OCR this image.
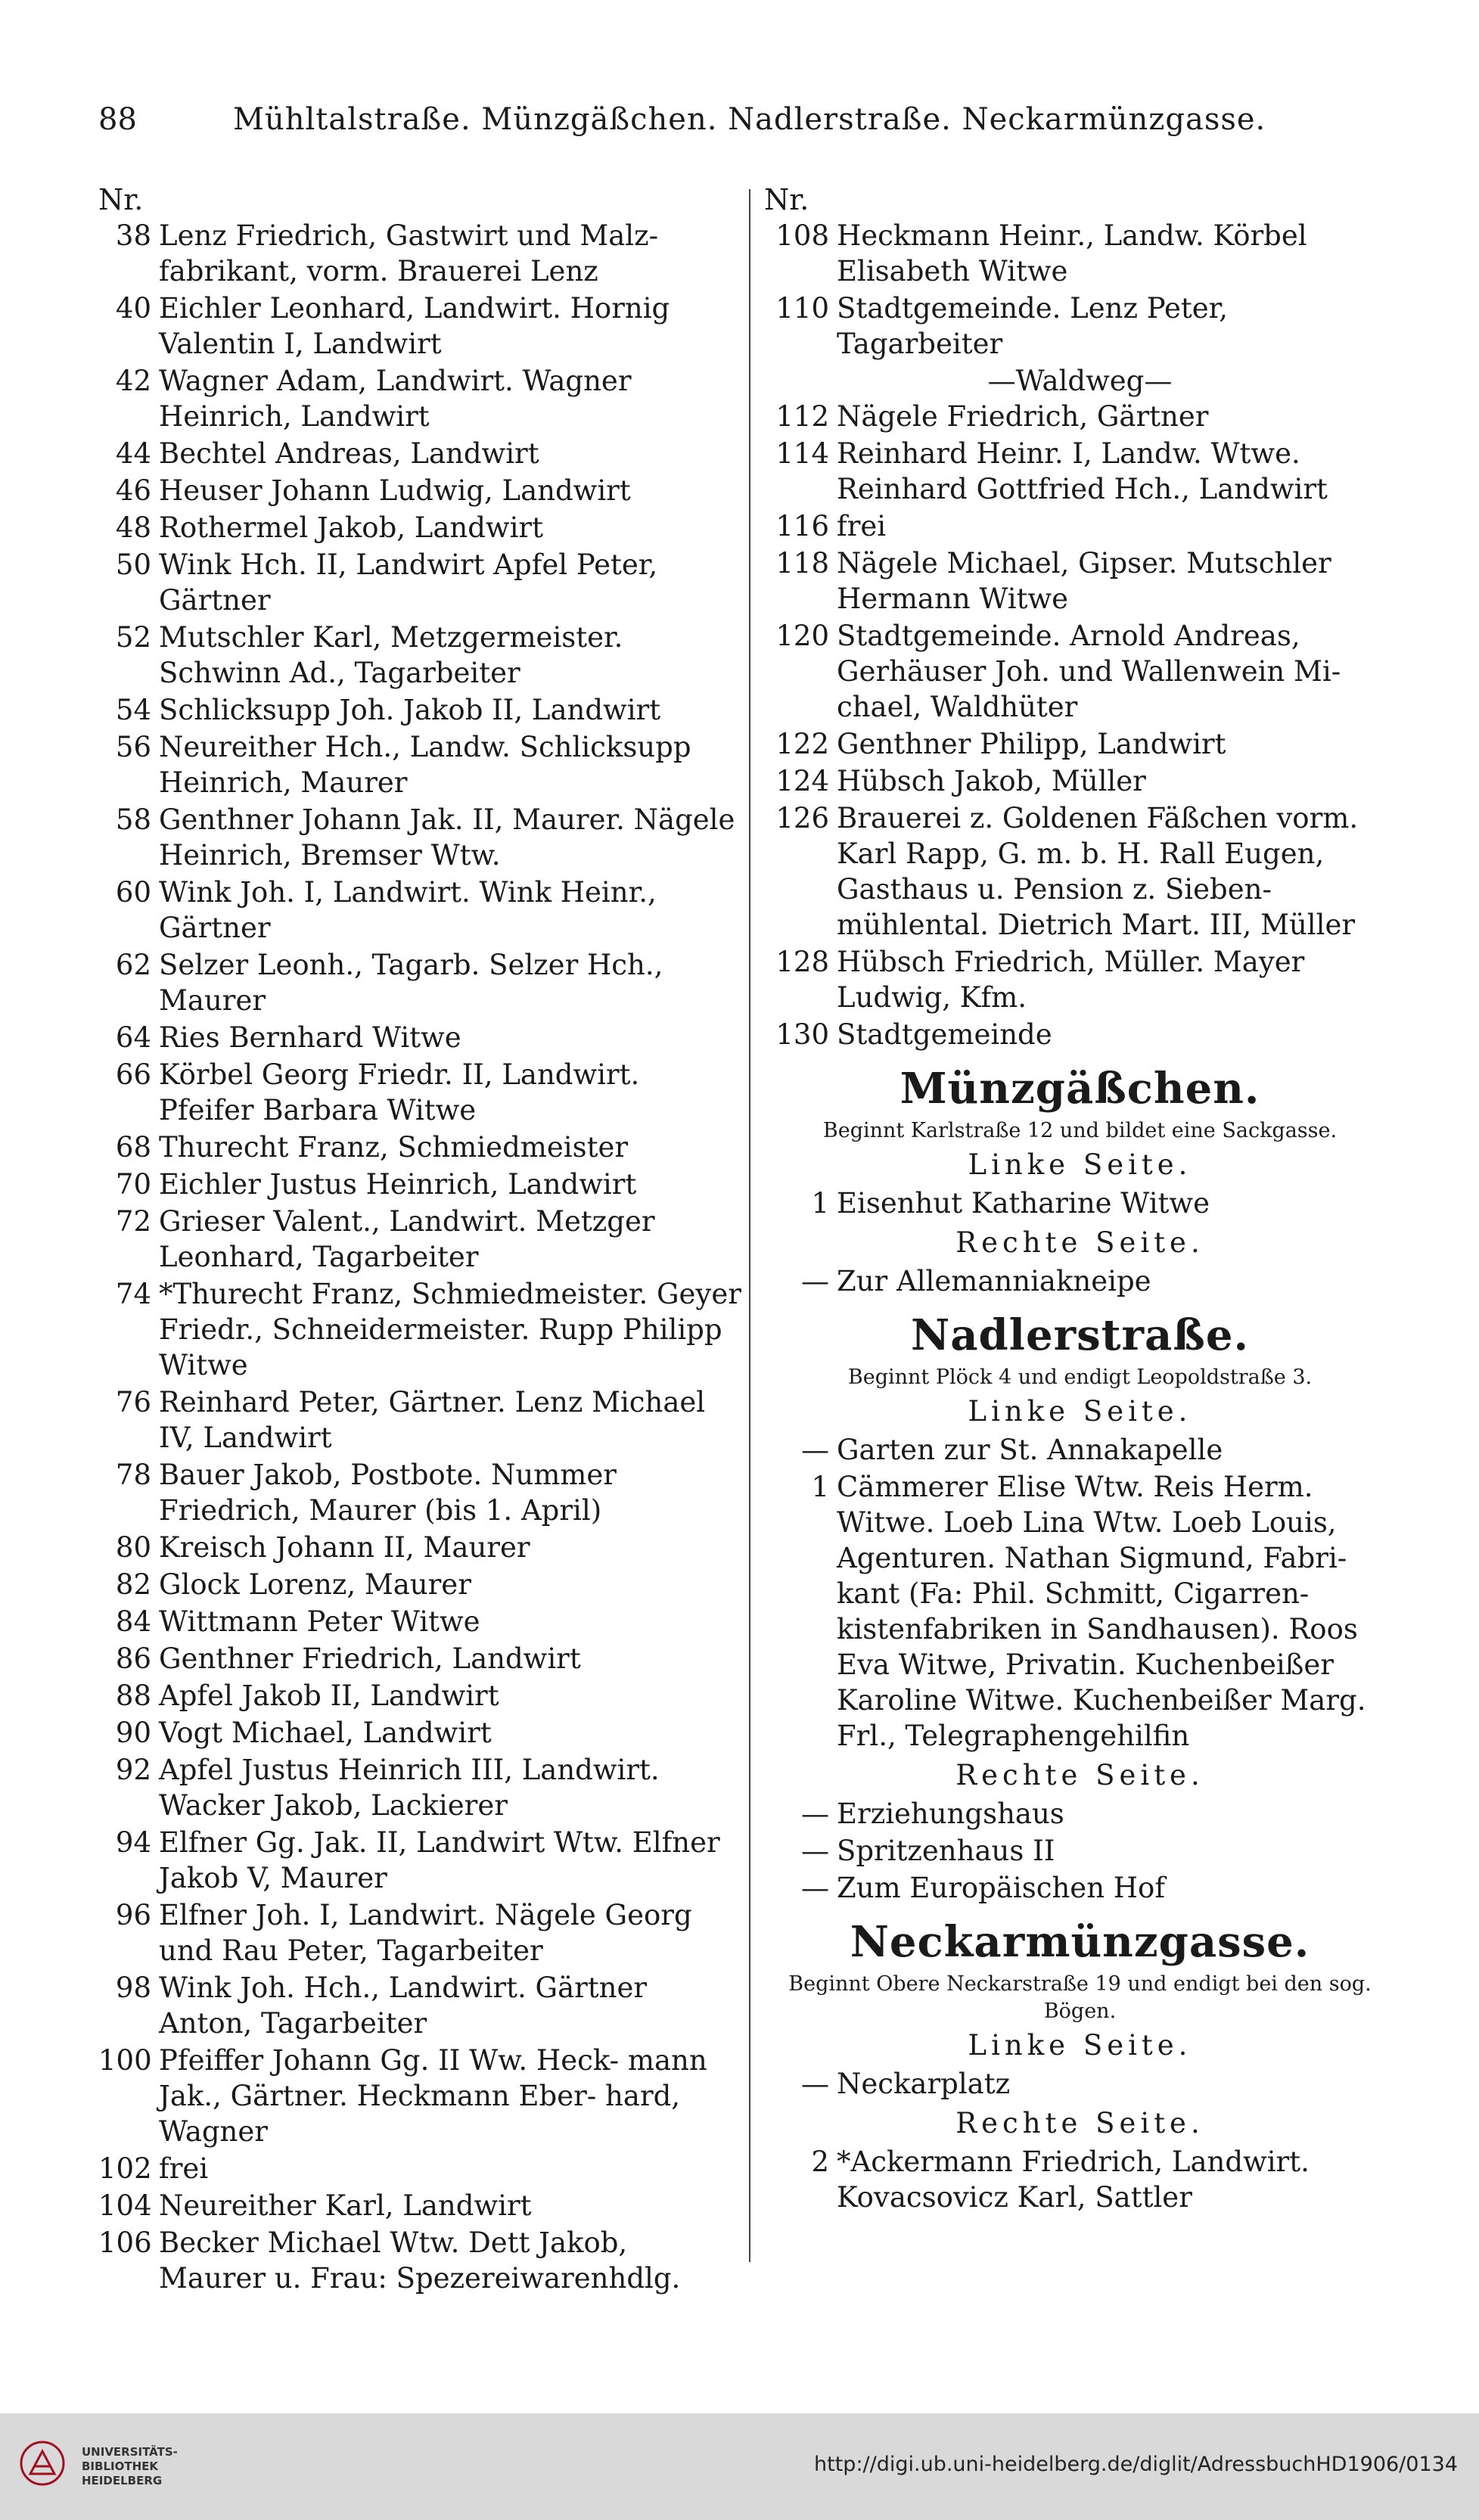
88	Mühltalstraße. Münzgäßchen. Nadlerstraße. Neckarmünzgasse.
Nr.
38 Lenz Friedrich, Gastwirt und Malz- fabrikant, vorm. Brauerei Lenz
40 Eichler Leonhard, Landwirt. Hornig Valentin I, Landwirt
42 Wagner Adam, Landwirt. Wagner Heinrich, Landwirt
44 Bechtel Andreas, Landwirt
46 Heuser Johann Ludwig, Landwirt
48 Rothermel Jakob, Landwirt
50 Wink Hch. II, Landwirt Apfel Peter, Gärtner
52 Mutschler Karl, Metzgermeister. Schwinn Ad., Tagarbeiter
54 Schlicksupp Joh. Jakob II, Landwirt
56 Neureither Hch., Landw. Schlicksupp Heinrich, Maurer
58 Genthner Johann Jak. II, Maurer. Nägele Heinrich, Bremser Wtw.
60 Wink Joh. I, Landwirt. Wink Heinr., Gärtner
62 Selzer Leonh., Tagarb. Selzer Hch., Maurer
64 Ries Bernhard Witwe
66 Körbel Georg Friedr. II, Landwirt. Pfeifer Barbara Witwe
68 Thurecht Franz, Schmiedmeister
70 Eichler Justus Heinrich, Landwirt
72 Grieser Valent., Landwirt. Metzger Leonhard, Tagarbeiter
74 *Thurecht Franz, Schmiedmeister. Geyer Friedr., Schneidermeister. Rupp Philipp Witwe
76 Reinhard Peter, Gärtner. Lenz Michael IV, Landwirt
78 Bauer Jakob, Postbote. Nummer Friedrich, Maurer (bis 1. April)
80 Kreisch Johann II, Maurer
82 Glock Lorenz, Maurer
84 Wittmann Peter Witwe
86 Genthner Friedrich, Landwirt
88 Apfel Jakob II, Landwirt
90 Vogt Michael, Landwirt
92 Apfel Justus Heinrich III, Landwirt. Wacker Jakob, Lackierer
94 Elfner Gg. Jak. II, Landwirt Wtw. Elfner Jakob V, Maurer
96 Elfner Joh. I, Landwirt. Nägele Georg und Rau Peter, Tagarbeiter
98 Wink Joh. Hch., Landwirt. Gärtner Anton, Tagarbeiter
100 Pfeiffer Johann Gg. II Ww. Heck- mann Jak., Gärtner. Heckmann Eber- hard, Wagner
102 frei
104 Neureither Karl, Landwirt
106 Becker Michael Wtw. Dett Jakob, Maurer u. Frau: Spezereiwarenhdlg.
Nr.
108 Heckmann Heinr., Landw. Körbel Elisabeth Witwe
110 Stadtgemeinde. Lenz Peter, Tagarbeiter
—Waldweg—
112 Nägele Friedrich, Gärtner
114 Reinhard Heinr. I, Landw. Wtwe. Reinhard Gottfried Hch., Landwirt
116 frei
118 Nägele Michael, Gipser. Mutschler Hermann Witwe
120 Stadtgemeinde. Arnold Andreas, Gerhäuser Joh. und Wallenwein Mi- chael, Waldhüter
122 Genthner Philipp, Landwirt
124 Hübsch Jakob, Müller
126 Brauerei z. Goldenen Fäßchen vorm. Karl Rapp, G. m. b. H. Rall Eugen, Gasthaus u. Pension z. Sieben- mühlental. Dietrich Mart. III, Müller
128 Hübsch Friedrich, Müller. Mayer Ludwig, Kfm.
130 Stadtgemeinde
Münzgäßchen.
Beginnt Karlstraße 12 und bildet eine Sackgasse.
Linke Seite.
1 Eisenhut Katharine Witwe
Rechte Seite.
— Zur Allemanniakneipe
Nadlerstraße.
Beginnt Plöck 4 und endigt Leopoldstraße 3.
Linke Seite.
— Garten zur St. Annakapelle
1 Cämmerer Elise Wtw. Reis Herm. Witwe. Loeb Lina Wtw. Loeb Louis, Agenturen. Nathan Sigmund, Fabri- kant (Fa: Phil. Schmitt, Cigarren- kistenfabriken in Sandhausen). Roos Eva Witwe, Privatin. Kuchenbeißer Karoline Witwe. Kuchenbeißer Marg. Frl., Telegraphengehilfin
Rechte Seite.
— Erziehungshaus
— Spritzenhaus II
— Zum Europäischen Hof
Neckarmünzgasse.
Beginnt Obere Neckarstraße 19 und endigt bei den sog. Bögen.
Linke Seite.
— Neckarplatz
Rechte Seite.
2 *Ackermann Friedrich, Landwirt. Kovacsovicz Karl, Sattler
UNIVERSITÄTS-
BIBLIOTHEK
HEIDELBERG
http://digi.ub.uni-heidelberg.de/diglit/AdressbuchHD1906/0134
